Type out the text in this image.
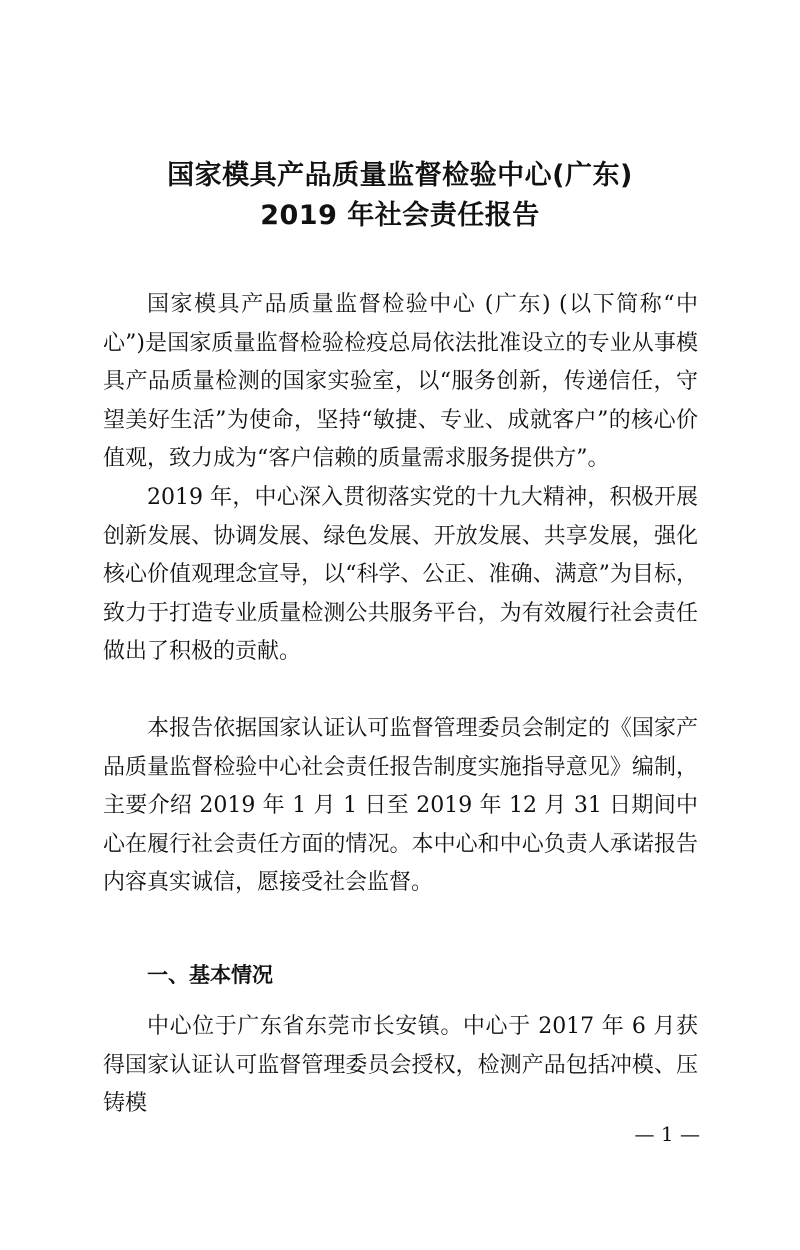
国家模具产品质量监督检验中心(广东)
2019 年社会责任报告

国家模具产品质量监督检验中心 (广东) (以下简称“中心”)是国家质量监督检验检疫总局依法批准设立的专业从事模具产品质量检测的国家实验室，以“服务创新，传递信任，守望美好生活”为使命，坚持“敏捷、专业、成就客户”的核心价值观，致力成为“客户信赖的质量需求服务提供方”。

2019 年，中心深入贯彻落实党的十九大精神，积极开展创新发展、协调发展、绿色发展、开放发展、共享发展，强化核心价值观理念宣导，以“科学、公正、准确、满意”为目标，致力于打造专业质量检测公共服务平台，为有效履行社会责任做出了积极的贡献。

本报告依据国家认证认可监督管理委员会制定的《国家产品质量监督检验中心社会责任报告制度实施指导意见》编制，主要介绍 2019 年 1 月 1 日至 2019 年 12 月 31 日期间中心在履行社会责任方面的情况。本中心和中心负责人承诺报告内容真实诚信，愿接受社会监督。

一、基本情况

中心位于广东省东莞市长安镇。中心于 2017 年 6 月获得国家认证认可监督管理委员会授权，检测产品包括冲模、压铸模

— 1 —
